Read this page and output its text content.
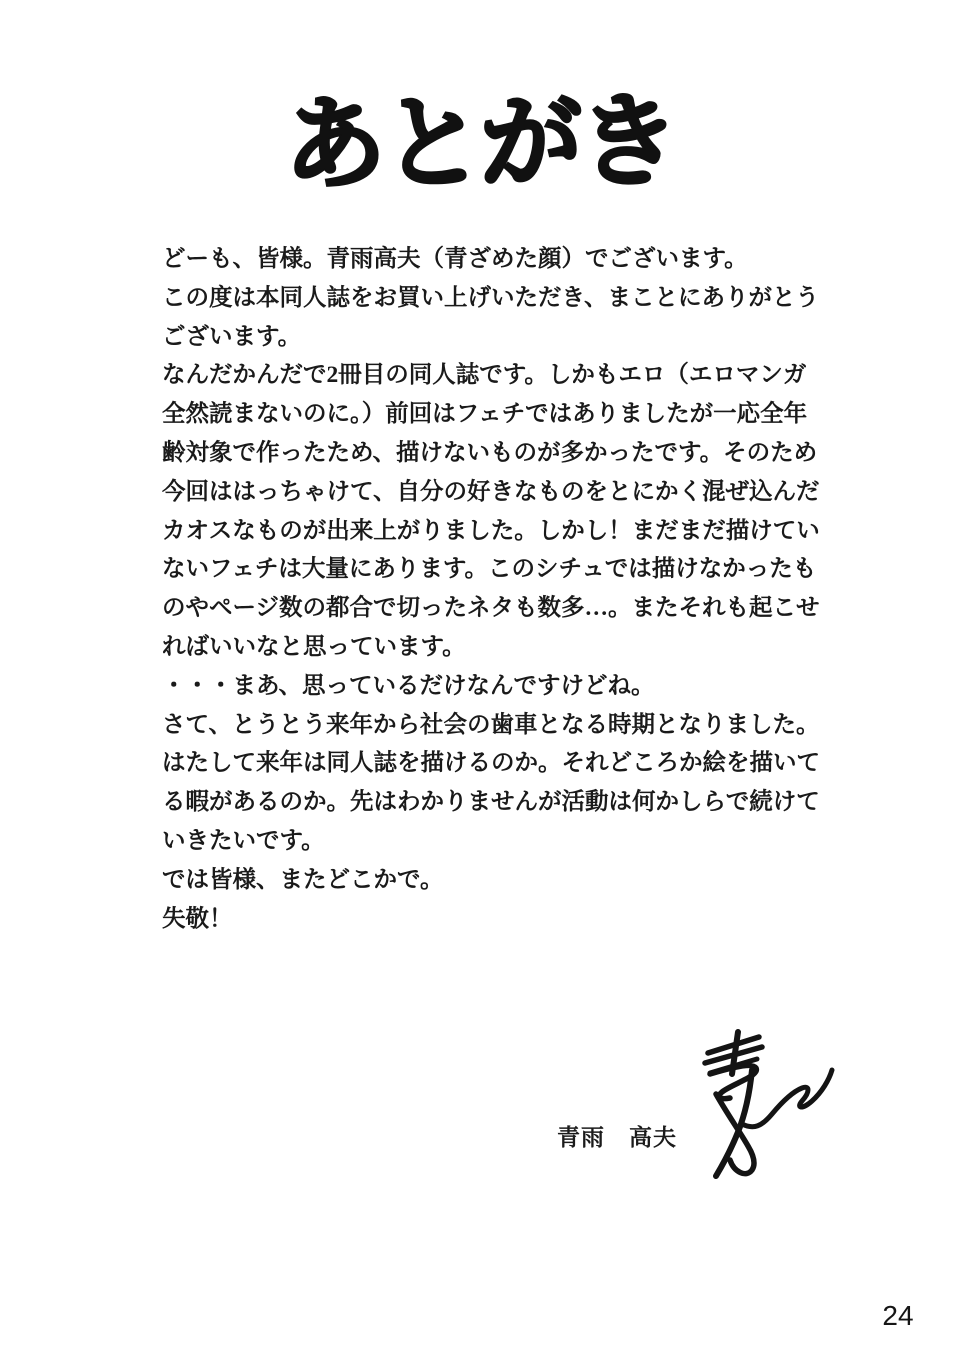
あとがき
どーも、皆様。青雨高夫（青ざめた顔）でございます。
この度は本同人誌をお買い上げいただき、まことにありがとう
ございます。
なんだかんだで2冊目の同人誌です。しかもエロ（エロマンガ
全然読まないのに。）前回はフェチではありましたが一応全年
齢対象で作ったため、描けないものが多かったです。そのため
今回ははっちゃけて、自分の好きなものをとにかく混ぜ込んだ
カオスなものが出来上がりました。しかし！まだまだ描けてい
ないフェチは大量にあります。このシチュでは描けなかったも
のやページ数の都合で切ったネタも数多…。またそれも起こせ
ればいいなと思っています。
・・・まあ、思っているだけなんですけどね。
さて、とうとう来年から社会の歯車となる時期となりました。
はたして来年は同人誌を描けるのか。それどころか絵を描いて
る暇があるのか。先はわかりませんが活動は何かしらで続けて
いきたいです。
では皆様、またどこかで。
失敬！
青雨　高夫
24
